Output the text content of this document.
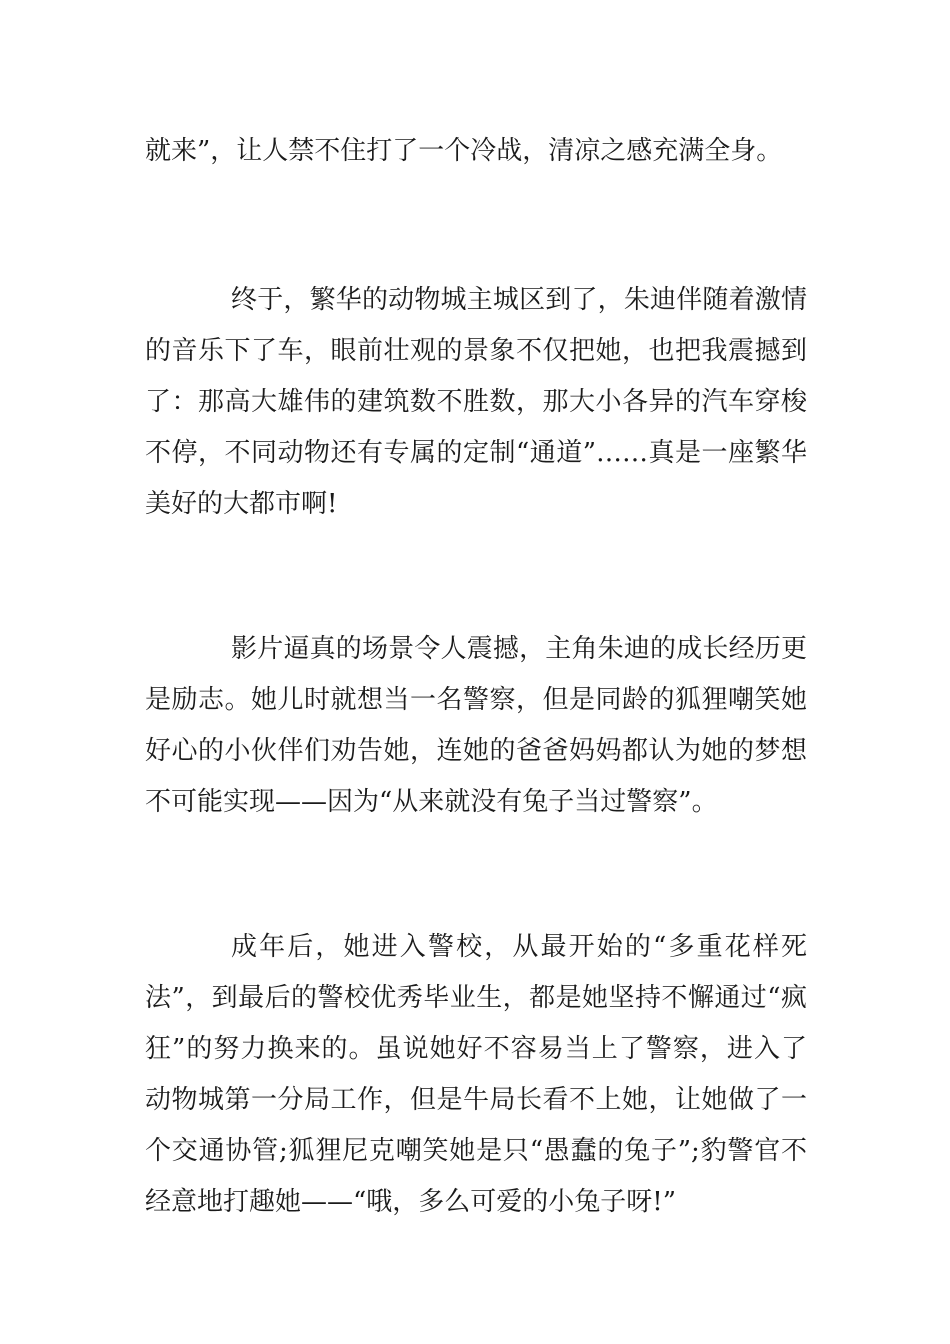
就来”，让人禁不住打了一个冷战，清凉之感充满全身。

终于，繁华的动物城主城区到了，朱迪伴随着激情的音乐下了车，眼前壮观的景象不仅把她，也把我震撼到了：那高大雄伟的建筑数不胜数，那大小各异的汽车穿梭不停，不同动物还有专属的定制“通道”……真是一座繁华美好的大都市啊!

影片逼真的场景令人震撼，主角朱迪的成长经历更是励志。她儿时就想当一名警察，但是同龄的狐狸嘲笑她好心的小伙伴们劝告她，连她的爸爸妈妈都认为她的梦想不可能实现——因为“从来就没有兔子当过警察”。

成年后，她进入警校，从最开始的“多重花样死法”，到最后的警校优秀毕业生，都是她坚持不懈通过“疯狂”的努力换来的。虽说她好不容易当上了警察，进入了动物城第一分局工作，但是牛局长看不上她，让她做了一个交通协管;狐狸尼克嘲笑她是只“愚蠢的兔子”;豹警官不经意地打趣她——“哦，多么可爱的小兔子呀!”
